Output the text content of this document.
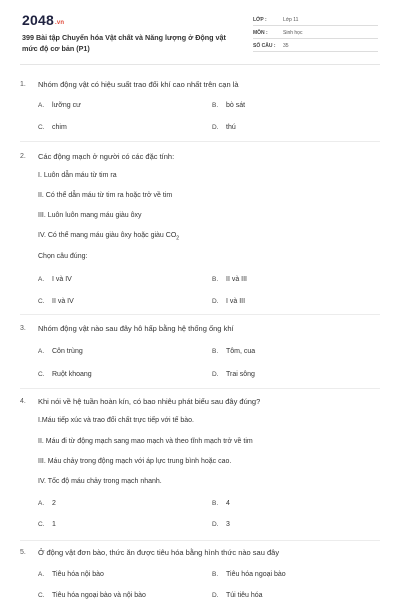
2048.vn
399 Bài tập Chuyển hóa Vật chất và Năng lượng ở Động vật
mức độ cơ bản (P1)
LỚP :	Lớp 11
MÔN :	Sinh học
SỐ CÂU : 35
1. Nhóm động vật có hiệu suất trao đổi khí cao nhất trên cạn là
A. lưỡng cư	B. bò sát
C. chim	D. thú
2. Các động mạch ở người có các đặc tính:
I. Luôn dẫn máu từ tim ra
II. Có thể dẫn máu từ tim ra hoặc trở về tim
III. Luôn luôn mang máu giàu ôxy
IV. Có thể mang máu giàu ôxy hoặc giàu $CO_2$
Chọn câu đúng:
A. I và IV	B. II và III
C. II và IV	D. I và III
3. Nhóm động vật nào sau đây hô hấp bằng hệ thống ống khí
A. Côn trùng	B. Tôm, cua
C. Ruột khoang	D. Trai sông
4. Khi nói về hệ tuần hoàn kín, có bao nhiêu phát biểu sau đây đúng?
I.Máu tiếp xúc và trao đổi chất trực tiếp với tế bào.
II. Máu đi từ động mạch sang mao mạch và theo tĩnh mạch trở về tim
III. Máu chảy trong động mạch với áp lực trung bình hoặc cao.
IV. Tốc độ máu chảy trong mạch nhanh.
A. 2	B. 4
C. 1	D. 3
5. Ở động vật đơn bào, thức ăn được tiêu hóa bằng hình thức nào sau đây
A. Tiêu hóa nội bào	B. Tiêu hóa ngoại bào
C. Tiêu hóa ngoại bào và nội bào	D. Túi tiêu hóa
